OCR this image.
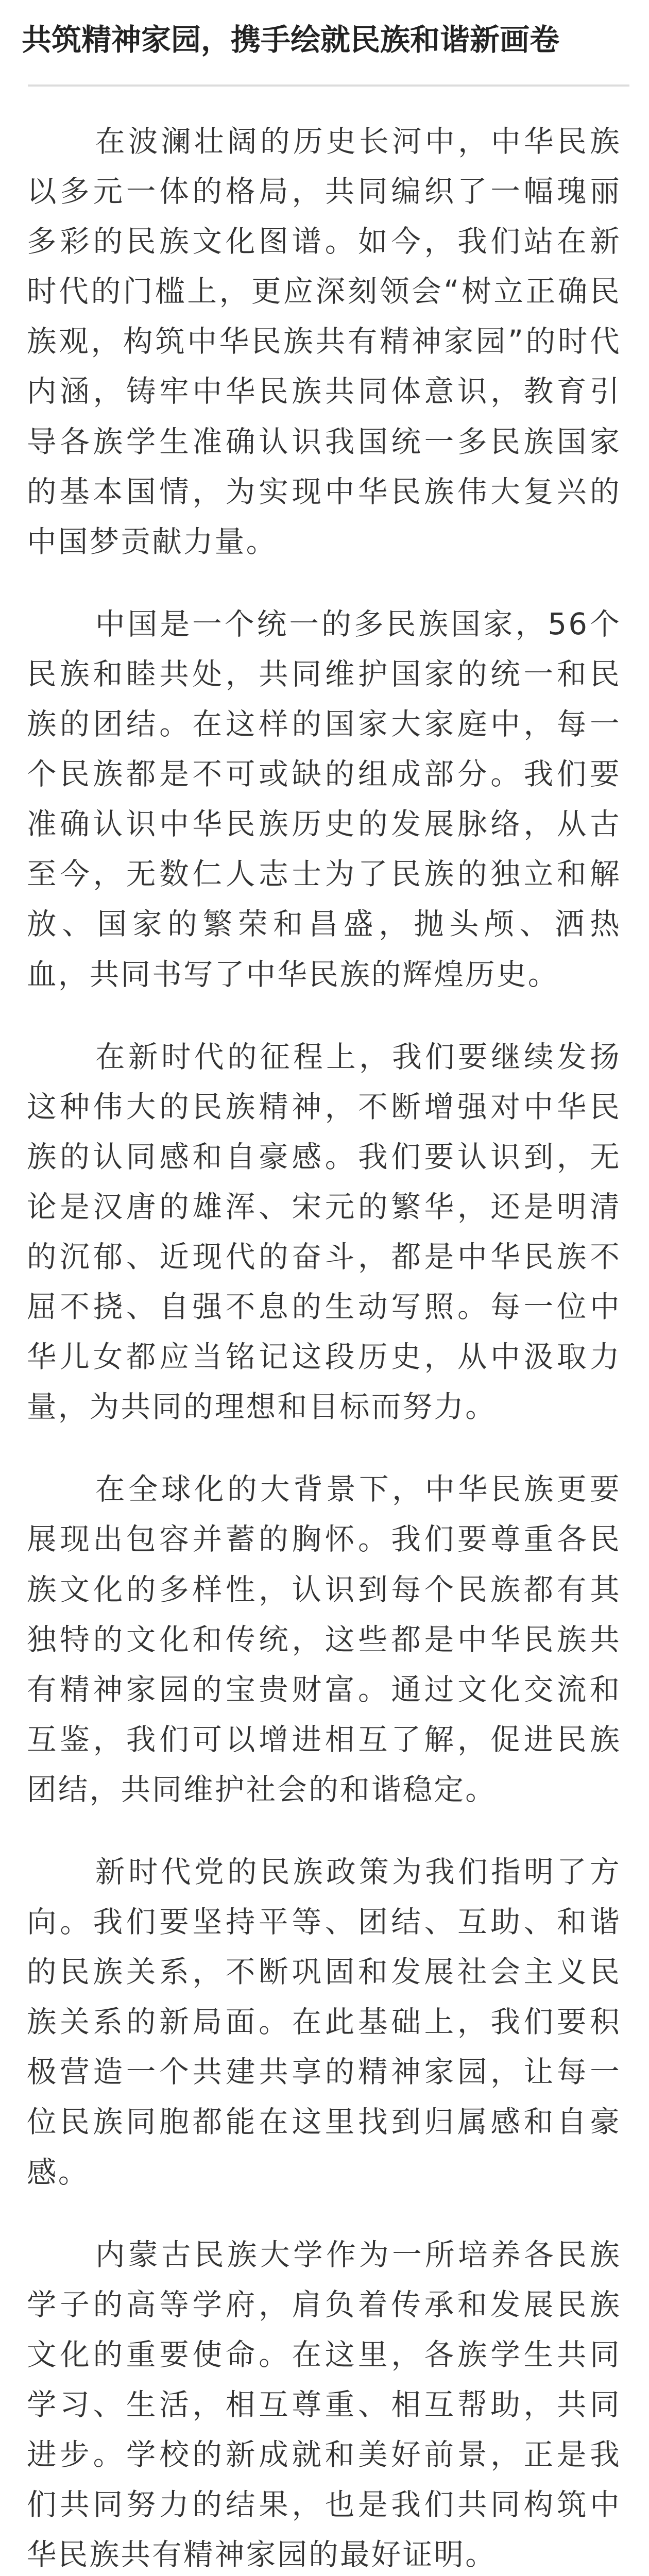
共筑精神家园，携手绘就民族和谐新画卷

在波澜壮阔的历史长河中，中华民族以多元一体的格局，共同编织了一幅瑰丽多彩的民族文化图谱。如今，我们站在新时代的门槛上，更应深刻领会“树立正确民族观，构筑中华民族共有精神家园”的时代内涵，铸牢中华民族共同体意识，教育引导各族学生准确认识我国统一多民族国家的基本国情，为实现中华民族伟大复兴的中国梦贡献力量。

中国是一个统一的多民族国家，56个民族和睦共处，共同维护国家的统一和民族的团结。在这样的国家大家庭中，每一个民族都是不可或缺的组成部分。我们要准确认识中华民族历史的发展脉络，从古至今，无数仁人志士为了民族的独立和解放、国家的繁荣和昌盛，抛头颅、洒热血，共同书写了中华民族的辉煌历史。

在新时代的征程上，我们要继续发扬这种伟大的民族精神，不断增强对中华民族的认同感和自豪感。我们要认识到，无论是汉唐的雄浑、宋元的繁华，还是明清的沉郁、近现代的奋斗，都是中华民族不屈不挠、自强不息的生动写照。每一位中华儿女都应当铭记这段历史，从中汲取力量，为共同的理想和目标而努力。

在全球化的大背景下，中华民族更要展现出包容并蓄的胸怀。我们要尊重各民族文化的多样性，认识到每个民族都有其独特的文化和传统，这些都是中华民族共有精神家园的宝贵财富。通过文化交流和互鉴，我们可以增进相互了解，促进民族团结，共同维护社会的和谐稳定。

新时代党的民族政策为我们指明了方向。我们要坚持平等、团结、互助、和谐的民族关系，不断巩固和发展社会主义民族关系的新局面。在此基础上，我们要积极营造一个共建共享的精神家园，让每一位民族同胞都能在这里找到归属感和自豪感。

内蒙古民族大学作为一所培养各民族学子的高等学府，肩负着传承和发展民族文化的重要使命。在这里，各族学生共同学习、生活，相互尊重、相互帮助，共同进步。学校的新成就和美好前景，正是我们共同努力的结果，也是我们共同构筑中华民族共有精神家园的最好证明。
